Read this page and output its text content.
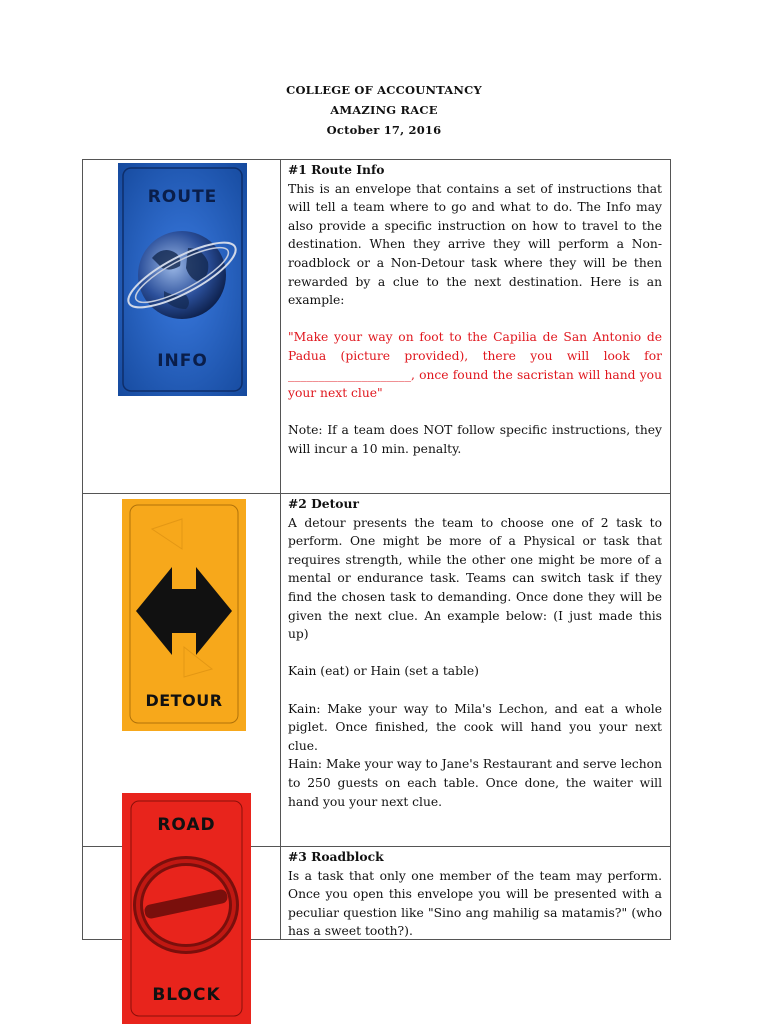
COLLEGE OF ACCOUNTANCY
AMAZING RACE
October 17, 2016
ROUTE
INFO

#1 Route Info

This is an envelope that contains a set of instructions that will tell a team where to go and what to do. The Info may also provide a specific instruction on how to travel to the destination. When they arrive they will perform a Non-roadblock or a Non-Detour task where they will be then rewarded by a clue to the next destination. Here is an example:

"Make your way on foot to the Capilia de San Antonio de Padua (picture provided), there you will look for ____________________, once found the sacristan will hand you your next clue"

Note: If a team does NOT follow specific instructions, they will incur a 10 min. penalty.

DETOUR

#2 Detour

A detour presents the team to choose one of 2 task to perform. One might be more of a Physical or task that requires strength, while the other one might be more of a mental or endurance task. Teams can switch task if they find the chosen task to demanding. Once done they will be given the next clue. An example below: (I just made this up)

Kain (eat) or Hain (set a table)

Kain: Make your way to Mila's Lechon, and eat a whole piglet. Once finished, the cook will hand you your next clue.

Hain: Make your way to Jane's Restaurant and serve lechon to 250 guests on each table. Once done, the waiter will hand you your next clue.

ROAD
BLOCK

#3 Roadblock

Is a task that only one member of the team may perform. Once you open this envelope you will be presented with a peculiar question like "Sino ang mahilig sa matamis?" (who has a sweet tooth?).
